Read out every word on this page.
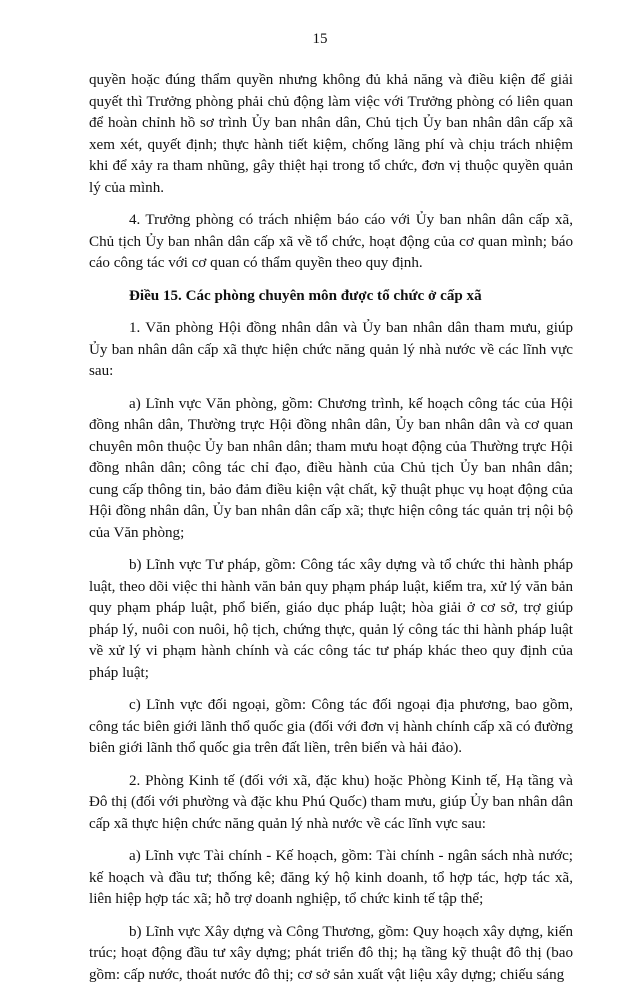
15

quyền hoặc đúng thẩm quyền nhưng không đủ khả năng và điều kiện để giải quyết thì Trưởng phòng phải chủ động làm việc với Trưởng phòng có liên quan để hoàn chỉnh hồ sơ trình Ủy ban nhân dân, Chủ tịch Ủy ban nhân dân cấp xã xem xét, quyết định; thực hành tiết kiệm, chống lãng phí và chịu trách nhiệm khi để xảy ra tham nhũng, gây thiệt hại trong tổ chức, đơn vị thuộc quyền quản lý của mình.

4. Trưởng phòng có trách nhiệm báo cáo với Ủy ban nhân dân cấp xã, Chủ tịch Ủy ban nhân dân cấp xã về tổ chức, hoạt động của cơ quan mình; báo cáo công tác với cơ quan có thẩm quyền theo quy định.

Điều 15. Các phòng chuyên môn được tổ chức ở cấp xã

1. Văn phòng Hội đồng nhân dân và Ủy ban nhân dân tham mưu, giúp Ủy ban nhân dân cấp xã thực hiện chức năng quản lý nhà nước về các lĩnh vực sau:

a) Lĩnh vực Văn phòng, gồm: Chương trình, kế hoạch công tác của Hội đồng nhân dân, Thường trực Hội đồng nhân dân, Ủy ban nhân dân và cơ quan chuyên môn thuộc Ủy ban nhân dân; tham mưu hoạt động của Thường trực Hội đồng nhân dân; công tác chỉ đạo, điều hành của Chủ tịch Ủy ban nhân dân; cung cấp thông tin, bảo đảm điều kiện vật chất, kỹ thuật phục vụ hoạt động của Hội đồng nhân dân, Ủy ban nhân dân cấp xã; thực hiện công tác quản trị nội bộ của Văn phòng;

b) Lĩnh vực Tư pháp, gồm: Công tác xây dựng và tổ chức thi hành pháp luật, theo dõi việc thi hành văn bản quy phạm pháp luật, kiểm tra, xử lý văn bản quy phạm pháp luật, phổ biến, giáo dục pháp luật; hòa giải ở cơ sở, trợ giúp pháp lý, nuôi con nuôi, hộ tịch, chứng thực, quản lý công tác thi hành pháp luật về xử lý vi phạm hành chính và các công tác tư pháp khác theo quy định của pháp luật;

c) Lĩnh vực đối ngoại, gồm: Công tác đối ngoại địa phương, bao gồm, công tác biên giới lãnh thổ quốc gia (đối với đơn vị hành chính cấp xã có đường biên giới lãnh thổ quốc gia trên đất liền, trên biển và hải đảo).

2. Phòng Kinh tế (đối với xã, đặc khu) hoặc Phòng Kinh tế, Hạ tầng và Đô thị (đối với phường và đặc khu Phú Quốc) tham mưu, giúp Ủy ban nhân dân cấp xã thực hiện chức năng quản lý nhà nước về các lĩnh vực sau:

a) Lĩnh vực Tài chính - Kế hoạch, gồm: Tài chính - ngân sách nhà nước; kế hoạch và đầu tư; thống kê; đăng ký hộ kinh doanh, tổ hợp tác, hợp tác xã, liên hiệp hợp tác xã; hỗ trợ doanh nghiệp, tổ chức kinh tế tập thể;

b) Lĩnh vực Xây dựng và Công Thương, gồm: Quy hoạch xây dựng, kiến trúc; hoạt động đầu tư xây dựng; phát triển đô thị; hạ tầng kỹ thuật đô thị (bao gồm: cấp nước, thoát nước đô thị; cơ sở sản xuất vật liệu xây dựng; chiếu sáng
